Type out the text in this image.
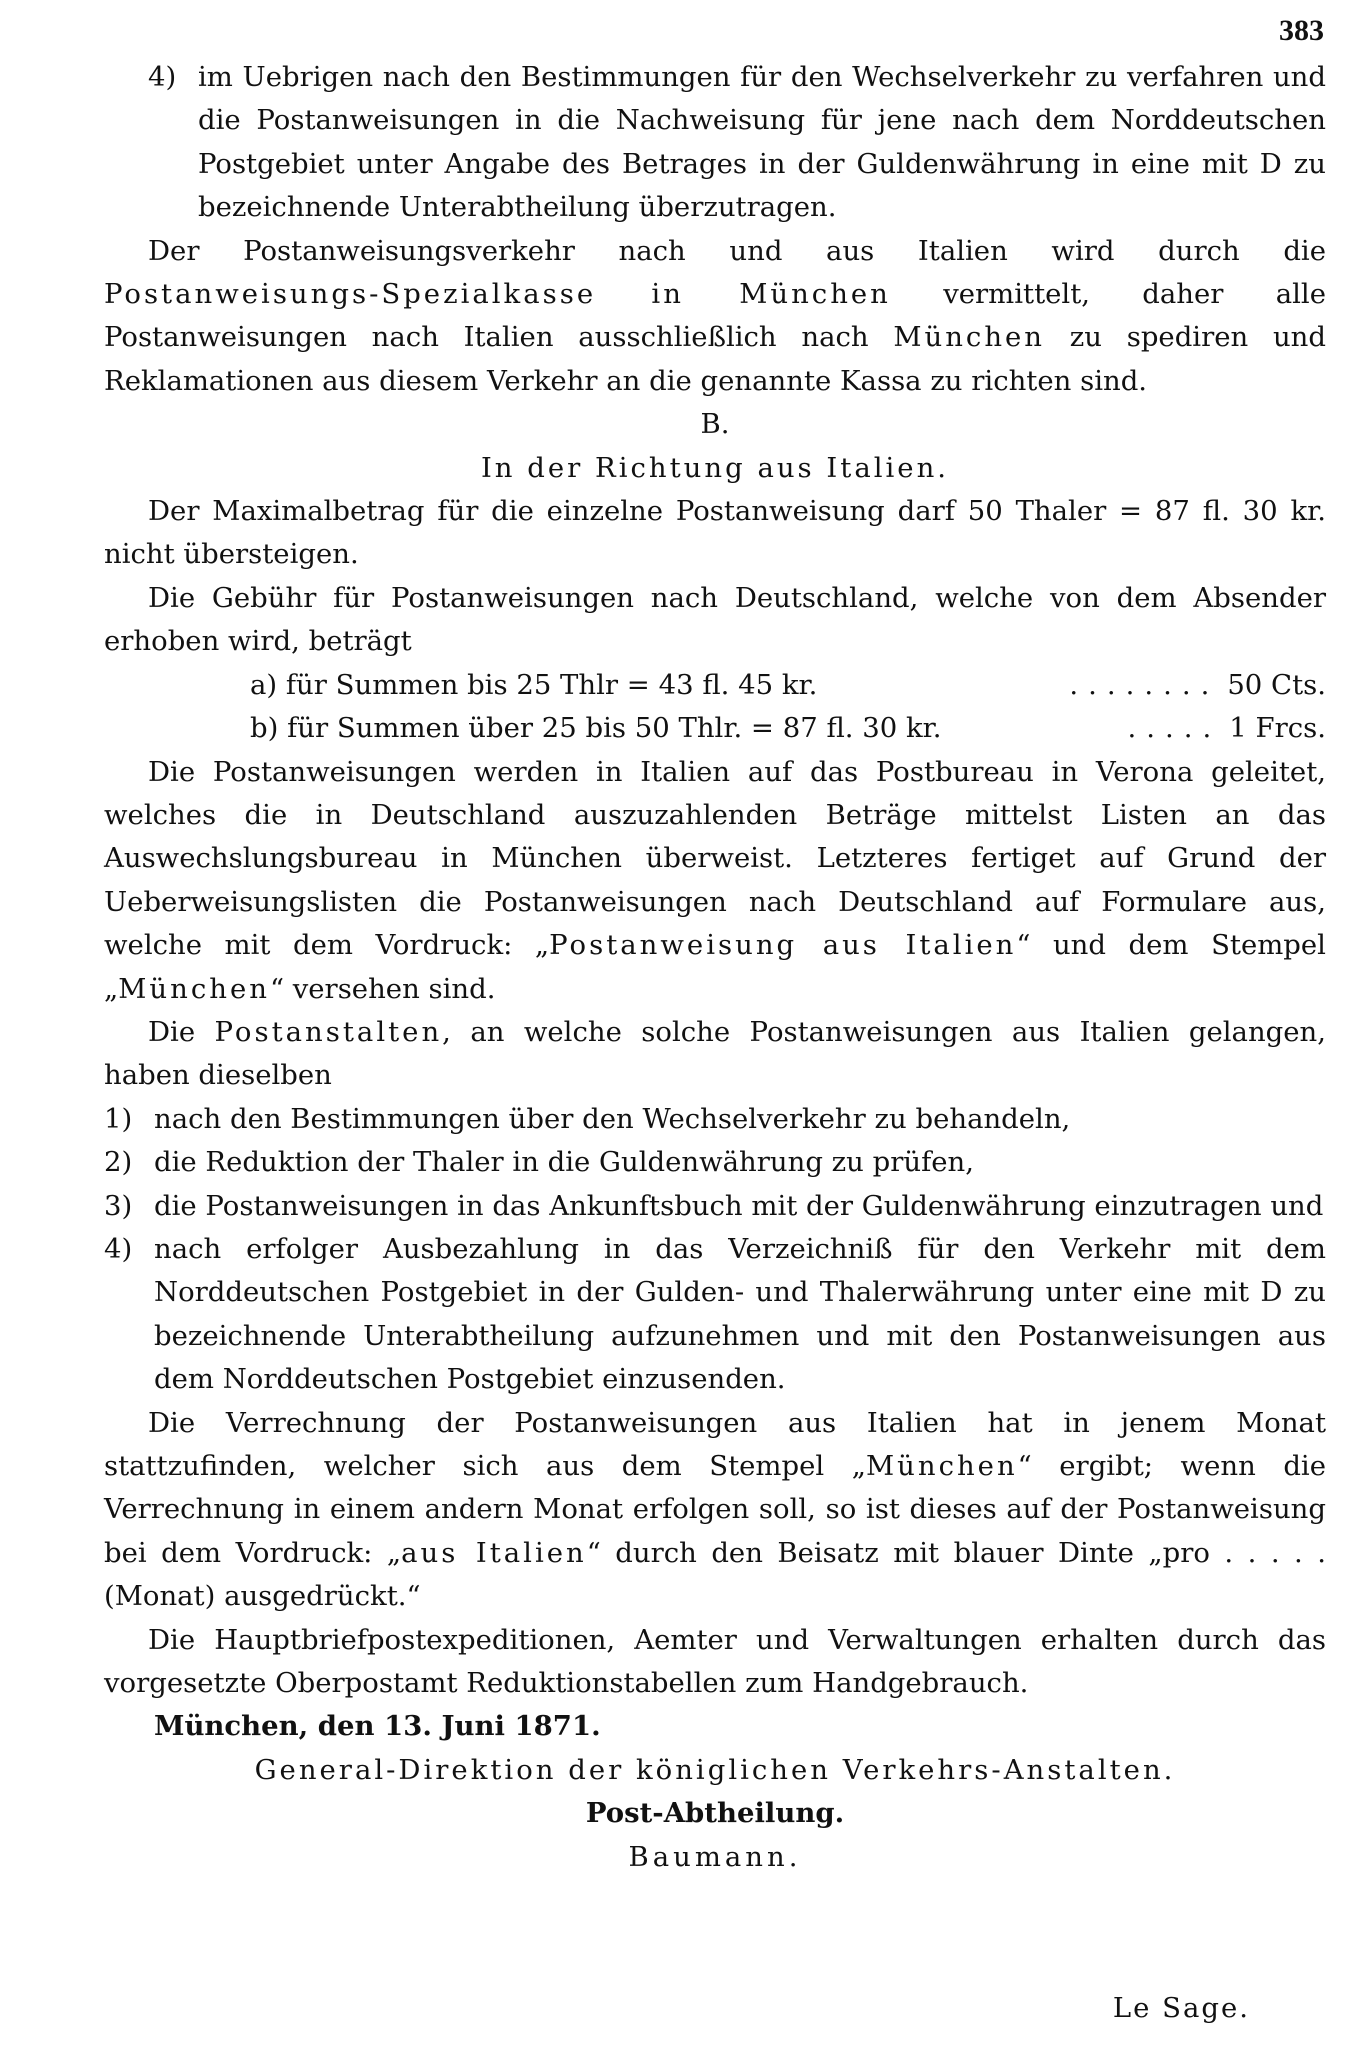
383
4) im Uebrigen nach den Bestimmungen für den Wechselverkehr zu verfahren und die Postanweisungen in die Nachweisung für jene nach dem Norddeutschen Postgebiet unter Angabe des Betrages in der Guldenwährung in eine mit D zu bezeichnende Unterabtheilung überzutragen.

Der Postanweisungsverkehr nach und aus Italien wird durch die Postanweisungs-Spezialkasse in München vermittelt, daher alle Postanweisungen nach Italien ausschließlich nach München zu spediren und Reklamationen aus diesem Verkehr an die genannte Kassa zu richten sind.

B.

In der Richtung aus Italien.

Der Maximalbetrag für die einzelne Postanweisung darf 50 Thaler = 87 fl. 30 kr. nicht übersteigen.

Die Gebühr für Postanweisungen nach Deutschland, welche von dem Absender erhoben wird, beträgt

a) für Summen bis 25 Thlr = 43 fl. 45 kr.	........ 50 Cts.
b) für Summen über 25 bis 50 Thlr. = 87 fl. 30 kr.	..... 1 Frcs.

Die Postanweisungen werden in Italien auf das Postbureau in Verona geleitet, welches die in Deutschland auszuzahlenden Beträge mittelst Listen an das Auswechslungsbureau in München überweist. Letzteres fertiget auf Grund der Ueberweisungslisten die Postanweisungen nach Deutschland auf Formulare aus, welche mit dem Vordruck: „Postanweisung aus Italien“ und dem Stempel „München“ versehen sind.

Die Postanstalten, an welche solche Postanweisungen aus Italien gelangen, haben dieselben

1) nach den Bestimmungen über den Wechselverkehr zu behandeln,
2) die Reduktion der Thaler in die Guldenwährung zu prüfen,
3) die Postanweisungen in das Ankunftsbuch mit der Guldenwährung einzutragen und
4) nach erfolger Ausbezahlung in das Verzeichniß für den Verkehr mit dem Norddeutschen Postgebiet in der Gulden- und Thalerwährung unter eine mit D zu bezeichnende Unterabtheilung aufzunehmen und mit den Postanweisungen aus dem Norddeutschen Postgebiet einzusenden.

Die Verrechnung der Postanweisungen aus Italien hat in jenem Monat stattzufinden, welcher sich aus dem Stempel „München“ ergibt; wenn die Verrechnung in einem andern Monat erfolgen soll, so ist dieses auf der Postanweisung bei dem Vordruck: „aus Italien“ durch den Beisatz mit blauer Dinte „pro . . . . . (Monat) ausgedrückt.“

Die Hauptbriefpostexpeditionen, Aemter und Verwaltungen erhalten durch das vorgesetzte Oberpostamt Reduktionstabellen zum Handgebrauch.

München, den 13. Juni 1871.

General-Direktion der königlichen Verkehrs-Anstalten.

Post-Abtheilung.

Baumann.

Le Sage.
